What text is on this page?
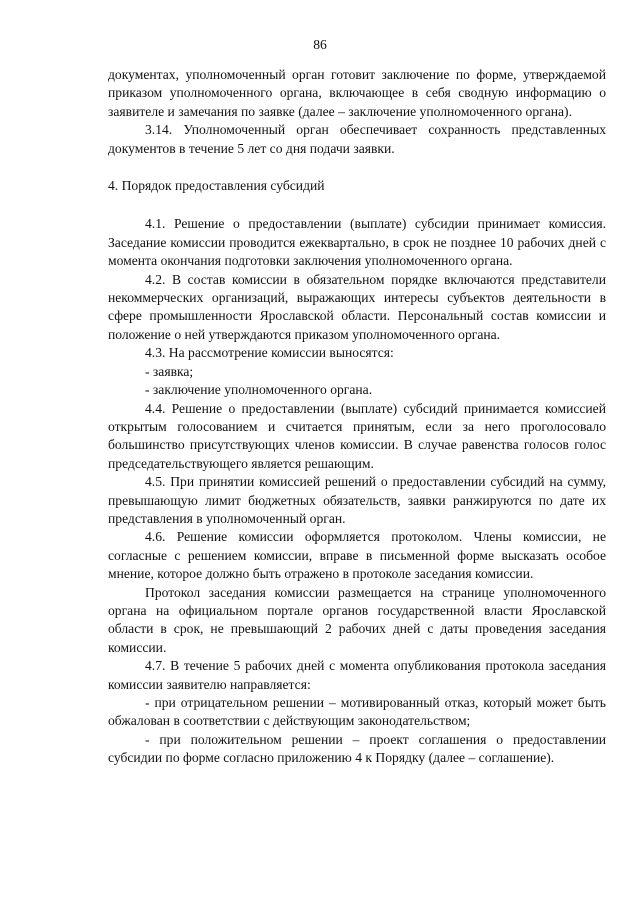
86

документах, уполномоченный орган готовит заключение по форме, утверждаемой приказом уполномоченного органа, включающее в себя сводную информацию о заявителе и замечания по заявке (далее – заключение уполномоченного органа).

3.14. Уполномоченный орган обеспечивает сохранность представленных документов в течение 5 лет со дня подачи заявки.

4. Порядок предоставления субсидий

4.1. Решение о предоставлении (выплате) субсидии принимает комиссия. Заседание комиссии проводится ежеквартально, в срок не позднее 10 рабочих дней с момента окончания подготовки заключения уполномоченного органа.

4.2. В состав комиссии в обязательном порядке включаются представители некоммерческих организаций, выражающих интересы субъектов деятельности в сфере промышленности Ярославской области. Персональный состав комиссии и положение о ней утверждаются приказом уполномоченного органа.

4.3. На рассмотрение комиссии выносятся:

- заявка;

- заключение уполномоченного органа.

4.4. Решение о предоставлении (выплате) субсидий принимается комиссией открытым голосованием и считается принятым, если за него проголосовало большинство присутствующих членов комиссии. В случае равенства голосов голос председательствующего является решающим.

4.5. При принятии комиссией решений о предоставлении субсидий на сумму, превышающую лимит бюджетных обязательств, заявки ранжируются по дате их представления в уполномоченный орган.

4.6. Решение комиссии оформляется протоколом. Члены комиссии, не согласные с решением комиссии, вправе в письменной форме высказать особое мнение, которое должно быть отражено в протоколе заседания комиссии.

Протокол заседания комиссии размещается на странице уполномоченного органа на официальном портале органов государственной власти Ярославской области в срок, не превышающий 2 рабочих дней с даты проведения заседания комиссии.

4.7. В течение 5 рабочих дней с момента опубликования протокола заседания комиссии заявителю направляется:

- при отрицательном решении – мотивированный отказ, который может быть обжалован в соответствии с действующим законодательством;

- при положительном решении – проект соглашения о предоставлении субсидии по форме согласно приложению 4 к Порядку (далее – соглашение).
